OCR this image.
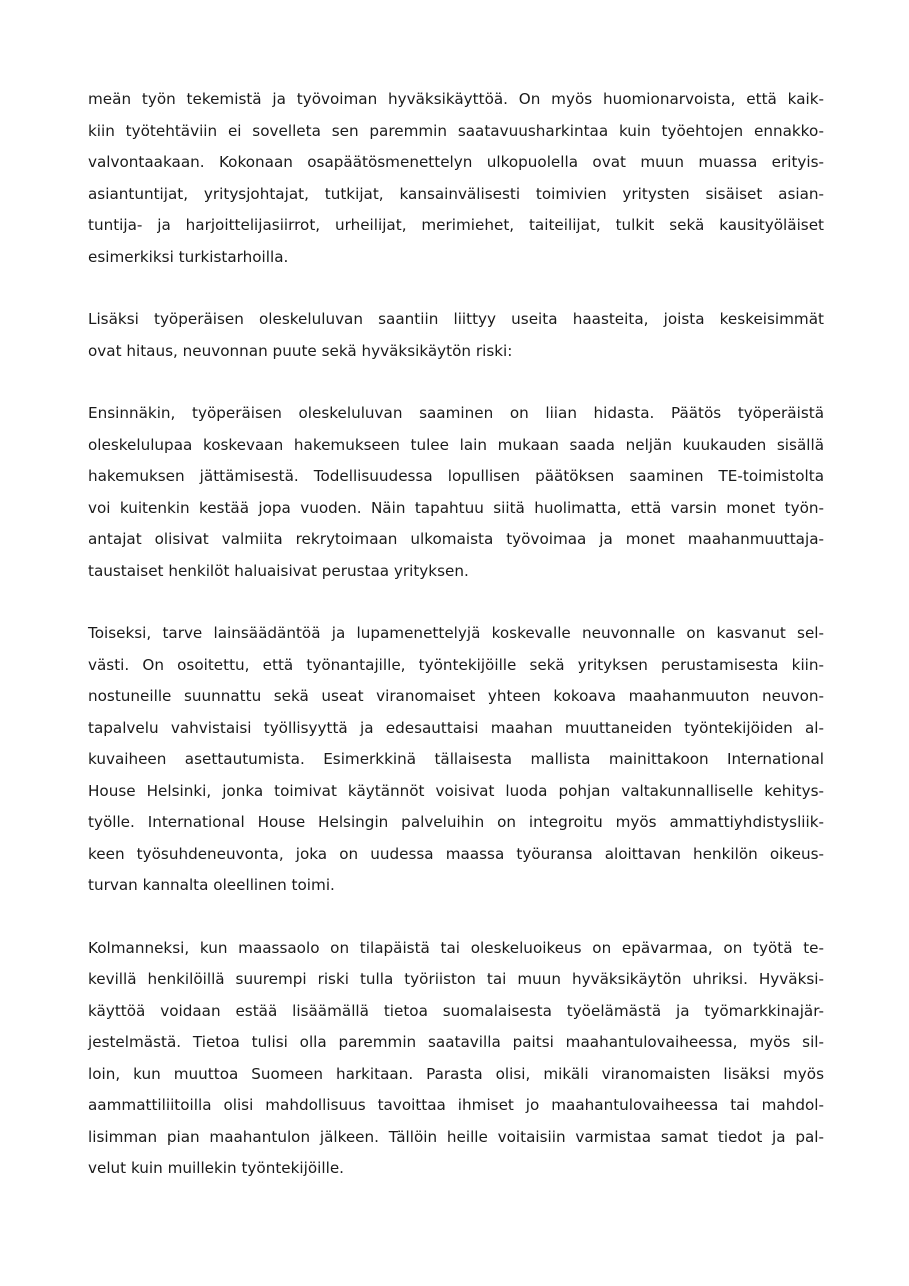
meän työn tekemistä ja työvoiman hyväksikäyttöä. On myös huomionarvoista, että kaik-
kiin työtehtäviin ei sovelleta sen paremmin saatavuusharkintaa kuin työehtojen ennakko-
valvontaakaan. Kokonaan osapäätösmenettelyn ulkopuolella ovat muun muassa erityis-
asiantuntijat, yritysjohtajat, tutkijat, kansainvälisesti toimivien yritysten sisäiset asian-
tuntija- ja harjoittelijasiirrot, urheilijat, merimiehet, taiteilijat, tulkit sekä kausityöläiset
esimerkiksi turkistarhoilla.
Lisäksi työperäisen oleskeluluvan saantiin liittyy useita haasteita, joista keskeisimmät
ovat hitaus, neuvonnan puute sekä hyväksikäytön riski:
Ensinnäkin, työperäisen oleskeluluvan saaminen on liian hidasta. Päätös työperäistä
oleskelulupaa koskevaan hakemukseen tulee lain mukaan saada neljän kuukauden sisällä
hakemuksen jättämisestä. Todellisuudessa lopullisen päätöksen saaminen TE-toimistolta
voi kuitenkin kestää jopa vuoden. Näin tapahtuu siitä huolimatta, että varsin monet työn-
antajat olisivat valmiita rekrytoimaan ulkomaista työvoimaa ja monet maahanmuuttaja-
taustaiset henkilöt haluaisivat perustaa yrityksen.
Toiseksi, tarve lainsäädäntöä ja lupamenettelyjä koskevalle neuvonnalle on kasvanut sel-
västi. On osoitettu, että työnantajille, työntekijöille sekä yrityksen perustamisesta kiin-
nostuneille suunnattu sekä useat viranomaiset yhteen kokoava maahanmuuton neuvon-
tapalvelu vahvistaisi työllisyyttä ja edesauttaisi maahan muuttaneiden työntekijöiden al-
kuvaiheen asettautumista. Esimerkkinä tällaisesta mallista mainittakoon International
House Helsinki, jonka toimivat käytännöt voisivat luoda pohjan valtakunnalliselle kehitys-
työlle. International House Helsingin palveluihin on integroitu myös ammattiyhdistysliik-
keen työsuhdeneuvonta, joka on uudessa maassa työuransa aloittavan henkilön oikeus-
turvan kannalta oleellinen toimi.
Kolmanneksi, kun maassaolo on tilapäistä tai oleskeluoikeus on epävarmaa, on työtä te-
kevillä henkilöillä suurempi riski tulla työriiston tai muun hyväksikäytön uhriksi. Hyväksi-
käyttöä voidaan estää lisäämällä tietoa suomalaisesta työelämästä ja työmarkkinajär-
jestelmästä. Tietoa tulisi olla paremmin saatavilla paitsi maahantulovaiheessa, myös sil-
loin, kun muuttoa Suomeen harkitaan. Parasta olisi, mikäli viranomaisten lisäksi myös
aammattiliitoilla olisi mahdollisuus tavoittaa ihmiset jo maahantulovaiheessa tai mahdol-
lisimman pian maahantulon jälkeen. Tällöin heille voitaisiin varmistaa samat tiedot ja pal-
velut kuin muillekin työntekijöille.
